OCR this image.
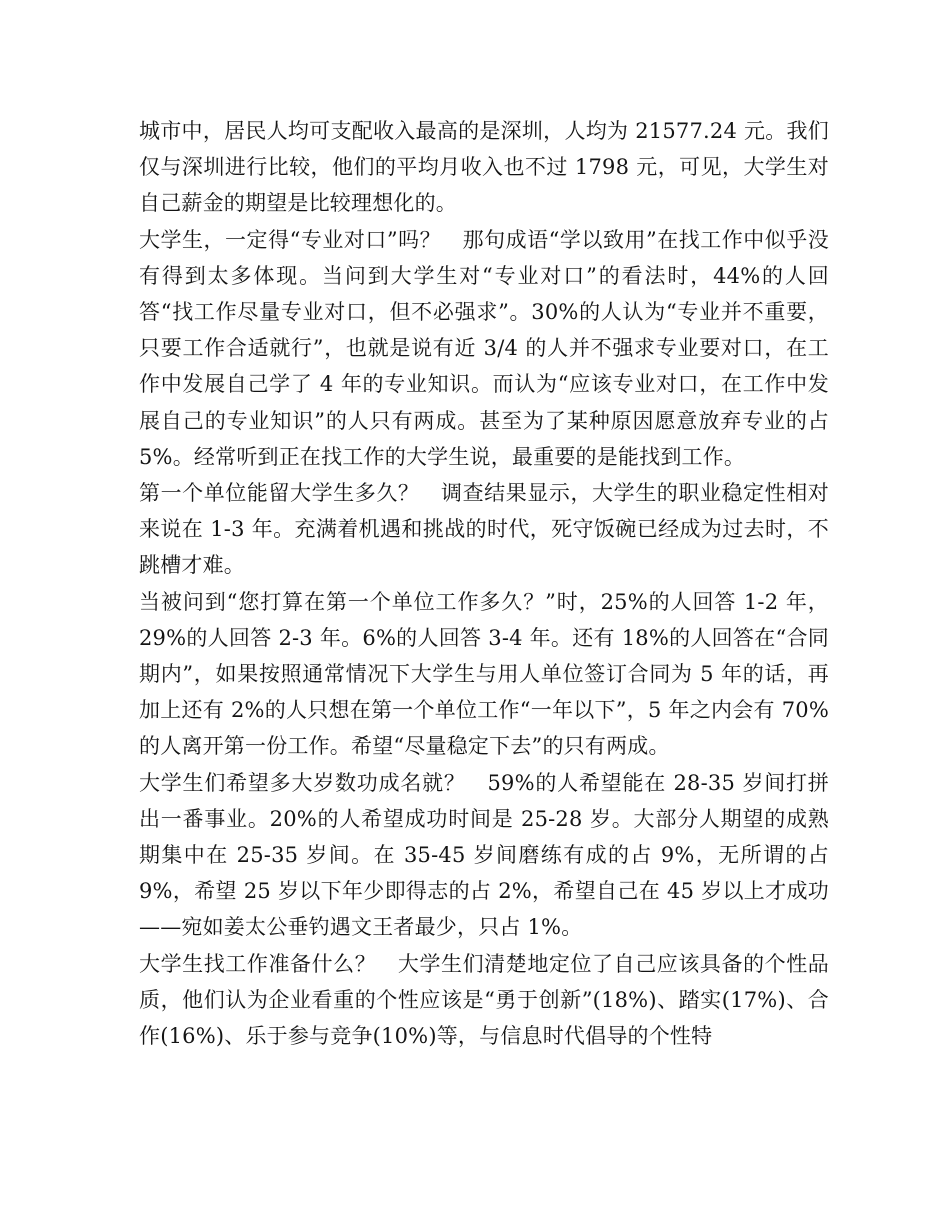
城市中，居民人均可支配收入最高的是深圳，人均为 21577.24 元。我们仅与深圳进行比较，他们的平均月收入也不过 1798 元，可见，大学生对自己薪金的期望是比较理想化的。

大学生，一定得“专业对口”吗？　那句成语“学以致用”在找工作中似乎没有得到太多体现。当问到大学生对“专业对口”的看法时，44%的人回答“找工作尽量专业对口，但不必强求”。30%的人认为“专业并不重要，只要工作合适就行”，也就是说有近 3/4 的人并不强求专业要对口，在工作中发展自己学了 4 年的专业知识。而认为“应该专业对口，在工作中发展自己的专业知识”的人只有两成。甚至为了某种原因愿意放弃专业的占 5%。经常听到正在找工作的大学生说，最重要的是能找到工作。

第一个单位能留大学生多久？　调查结果显示，大学生的职业稳定性相对来说在 1-3 年。充满着机遇和挑战的时代，死守饭碗已经成为过去时，不跳槽才难。

当被问到“您打算在第一个单位工作多久？”时，25%的人回答 1-2 年，29%的人回答 2-3 年。6%的人回答 3-4 年。还有 18%的人回答在“合同期内”，如果按照通常情况下大学生与用人单位签订合同为 5 年的话，再加上还有 2%的人只想在第一个单位工作“一年以下”，5 年之内会有 70%的人离开第一份工作。希望“尽量稳定下去”的只有两成。

大学生们希望多大岁数功成名就？　59%的人希望能在 28-35 岁间打拼出一番事业。20%的人希望成功时间是 25-28 岁。大部分人期望的成熟期集中在 25-35 岁间。在 35-45 岁间磨练有成的占 9%，无所谓的占 9%，希望 25 岁以下年少即得志的占 2%，希望自己在 45 岁以上才成功——宛如姜太公垂钓遇文王者最少，只占 1%。

大学生找工作准备什么？　大学生们清楚地定位了自己应该具备的个性品质，他们认为企业看重的个性应该是“勇于创新”(18%)、踏实(17%)、合作(16%)、乐于参与竞争(10%)等，与信息时代倡导的个性特
